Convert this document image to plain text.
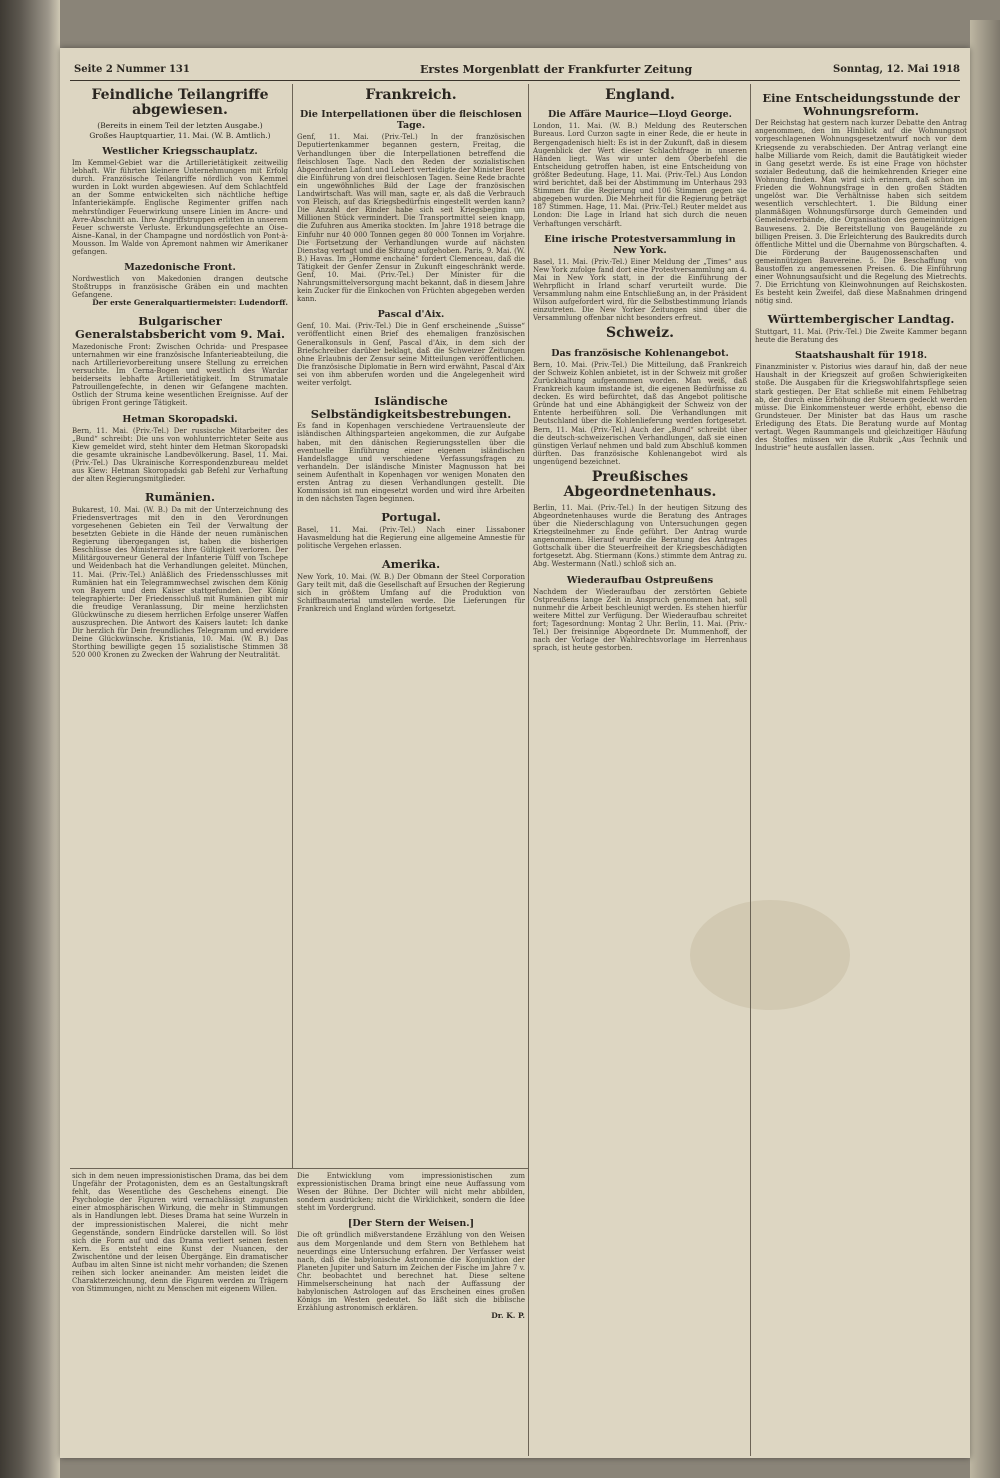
Seite 2 Nummer 131	Erstes Morgenblatt der Frankfurter Zeitung	Sonntag, 12. Mai 1918
Feindliche Teilangriffe abgewiesen.

(Bereits in einem Teil der letzten Ausgabe.)

Großes Hauptquartier, 11. Mai. (W. B. Amtlich.)

Westlicher Kriegsschauplatz.
Im Kemmel-Gebiet war die Artillerietätigkeit zeitweilig lebhaft. Wir führten kleinere Unternehmungen mit Erfolg durch. Französische Teilangriffe nördlich von Kemmel wurden in Lokt wurden abgewiesen. Auf dem Schlachtfeld an der Somme entwickelten sich nächtliche heftige Infanteriekämpfe. Englische Regimenter griffen nach mehrstündiger Feuerwirkung unsere Linien im Ancre- und Avre-Abschnitt an. Ihre Angriffstruppen erlitten in unserem Feuer schwerste Verluste. Erkundungsgefechte an Oise–Aisne–Kanal, in der Champagne und nordöstlich von Pont-à-Mousson. Im Walde von Apremont nahmen wir Amerikaner gefangen.
Mazedonische Front.
Nordwestlich von Makedonien drangen deutsche Stoßtrupps in französische Gräben ein und machten Gefangene.

Der erste Generalquartiermeister: Ludendorff.

Bulgarischer Generalstabsbericht vom 9. Mai.
Mazedonische Front: Zwischen Ochrida- und Prespasee unternahmen wir eine französische Infanterieabteilung, die nach Artillerievorbereitung unsere Stellung zu erreichen versuchte. Im Cerna-Bogen und westlich des Wardar beiderseits lebhafte Artillerietätigkeit. Im Strumatale Patrouillengefechte, in denen wir Gefangene machten. Ostlich der Struma keine wesentlichen Ereignisse. Auf der übrigen Front geringe Tätigkeit.
Hetman Skoropadski.
Bern, 11. Mai. (Priv.-Tel.) Der russische Mitarbeiter des „Bund“ schreibt: Die uns von wohlunterrichteter Seite aus Kiew gemeldet wird, steht hinter dem Hetman Skoropadski die gesamte ukrainische Landbevölkerung. Basel, 11. Mai. (Priv.-Tel.) Das Ukrainische Korrespondenzbureau meldet aus Kiew: Hetman Skoropadski gab Befehl zur Verhaftung der alten Regierungsmitglieder.
Rumänien.
Bukarest, 10. Mai. (W. B.) Da mit der Unterzeichnung des Friedensvertrages mit den in den Verordnungen vorgesehenen Gebieten ein Teil der Verwaltung der besetzten Gebiete in die Hände der neuen rumänischen Regierung übergegangen ist, haben die bisherigen Beschlüsse des Ministerrates ihre Gültigkeit verloren. Der Militärgouverneur General der Infanterie Tülff von Tschepe und Weidenbach hat die Verhandlungen geleitet. München, 11. Mai. (Priv.-Tel.) Anläßlich des Friedensschlusses mit Rumänien hat ein Telegrammwechsel zwischen dem König von Bayern und dem Kaiser stattgefunden. Der König telegraphierte: Der Friedensschluß mit Rumänien gibt mir die freudige Veranlassung, Dir meine herzlichsten Glückwünsche zu diesem herrlichen Erfolge unserer Waffen auszusprechen. Die Antwort des Kaisers lautet: Ich danke Dir herzlich für Dein freundliches Telegramm und erwidere Deine Glückwünsche. Kristiania, 10. Mai. (W. B.) Das Storthing bewilligte gegen 15 sozialistische Stimmen 38 520 000 Kronen zu Zwecken der Wahrung der Neutralität.
Frankreich.
Die Interpellationen über die fleischlosen Tage.
Genf, 11. Mai. (Priv.-Tel.) In der französischen Deputiertenkammer begannen gestern, Freitag, die Verhandlungen über die Interpellationen betreffend die fleischlosen Tage. Nach den Reden der sozialistischen Abgeordneten Lafont und Lebert verteidigte der Minister Boret die Einführung von drei fleischlosen Tagen. Seine Rede brachte ein ungewöhnliches Bild der Lage der französischen Landwirtschaft. Was will man, sagte er, als daß die Verbrauch von Fleisch, auf das Kriegsbedürfnis eingestellt werden kann? Die Anzahl der Rinder habe sich seit Kriegsbeginn um Millionen Stück vermindert. Die Transportmittel seien knapp, die Zufuhren aus Amerika stockten. Im Jahre 1918 betrage die Einfuhr nur 40 000 Tonnen gegen 80 000 Tonnen im Vorjahre. Die Fortsetzung der Verhandlungen wurde auf nächsten Dienstag vertagt und die Sitzung aufgehoben. Paris, 9. Mai. (W. B.) Havas. Im „Homme enchaîné“ fordert Clemenceau, daß die Tätigkeit der Genfer Zensur in Zukunft eingeschränkt werde. Genf, 10. Mai. (Priv.-Tel.) Der Minister für die Nahrungsmittelversorgung macht bekannt, daß in diesem Jahre kein Zucker für die Einkochen von Früchten abgegeben werden kann.
Pascal d'Aix.
Genf, 10. Mai. (Priv.-Tel.) Die in Genf erscheinende „Suisse“ veröffentlicht einen Brief des ehemaligen französischen Generalkonsuls in Genf, Pascal d'Aix, in dem sich der Briefschreiber darüber beklagt, daß die Schweizer Zeitungen ohne Erlaubnis der Zensur seine Mitteilungen veröffentlichen. Die französische Diplomatie in Bern wird erwähnt, Pascal d'Aix sei von ihm abberufen worden und die Angelegenheit wird weiter verfolgt.
Isländische Selbständigkeitsbestrebungen.
Es fand in Kopenhagen verschiedene Vertrauensleute der isländischen Althingsparteien angekommen, die zur Aufgabe haben, mit den dänischen Regierungsstellen über die eventuelle Einführung einer eigenen isländischen Handelsflagge und verschiedene Verfassungsfragen zu verhandeln. Der isländische Minister Magnusson hat bei seinem Aufenthalt in Kopenhagen vor wenigen Monaten den ersten Antrag zu diesen Verhandlungen gestellt. Die Kommission ist nun eingesetzt worden und wird ihre Arbeiten in den nächsten Tagen beginnen.
Portugal.
Basel, 11. Mai. (Priv.-Tel.) Nach einer Lissaboner Havasmeldung hat die Regierung eine allgemeine Amnestie für politische Vergehen erlassen.
Amerika.
New York, 10. Mai. (W. B.) Der Obmann der Steel Corporation Gary teilt mit, daß die Gesellschaft auf Ersuchen der Regierung sich in größtem Umfang auf die Produktion von Schiffbaumaterial umstellen werde. Die Lieferungen für Frankreich und England würden fortgesetzt.
England.
Die Affäre Maurice—Lloyd George.
London, 11. Mai. (W. B.) Meldung des Reuterschen Bureaus. Lord Curzon sagte in einer Rede, die er heute in Bergengadenisch hielt: Es ist in der Zukunft, daß in diesem Augenblick der Wert dieser Schlachtfrage in unseren Händen liegt. Was wir unter dem Oberbefehl die Entscheidung getroffen haben, ist eine Entscheidung von größter Bedeutung. Hage, 11. Mai. (Priv.-Tel.) Aus London wird berichtet, daß bei der Abstimmung im Unterhaus 293 Stimmen für die Regierung und 106 Stimmen gegen sie abgegeben wurden. Die Mehrheit für die Regierung beträgt 187 Stimmen. Hage, 11. Mai. (Priv.-Tel.) Reuter meldet aus London: Die Lage in Irland hat sich durch die neuen Verhaftungen verschärft.
Eine irische Protestversammlung in New York.
Basel, 11. Mai. (Priv.-Tel.) Einer Meldung der „Times“ aus New York zufolge fand dort eine Protestversammlung am 4. Mai in New York statt, in der die Einführung der Wehrpflicht in Irland scharf verurteilt wurde. Die Versammlung nahm eine Entschließung an, in der Präsident Wilson aufgefordert wird, für die Selbstbestimmung Irlands einzutreten. Die New Yorker Zeitungen sind über die Versammlung offenbar nicht besonders erfreut.
Schweiz.
Das französische Kohlenangebot.
Bern, 10. Mai. (Priv.-Tel.) Die Mitteilung, daß Frankreich der Schweiz Kohlen anbietet, ist in der Schweiz mit großer Zurückhaltung aufgenommen worden. Man weiß, daß Frankreich kaum imstande ist, die eigenen Bedürfnisse zu decken. Es wird befürchtet, daß das Angebot politische Gründe hat und eine Abhängigkeit der Schweiz von der Entente herbeiführen soll. Die Verhandlungen mit Deutschland über die Kohlenlieferung werden fortgesetzt. Bern, 11. Mai. (Priv.-Tel.) Auch der „Bund“ schreibt über die deutsch-schweizerischen Verhandlungen, daß sie einen günstigen Verlauf nehmen und bald zum Abschluß kommen dürften. Das französische Kohlenangebot wird als ungenügend bezeichnet.
Preußisches Abgeordnetenhaus.
Berlin, 11. Mai. (Priv.-Tel.) In der heutigen Sitzung des Abgeordnetenhauses wurde die Beratung des Antrages über die Niederschlagung von Untersuchungen gegen Kriegsteilnehmer zu Ende geführt. Der Antrag wurde angenommen. Hierauf wurde die Beratung des Antrages Gottschalk über die Steuerfreiheit der Kriegsbeschädigten fortgesetzt. Abg. Stiermann (Kons.) stimmte dem Antrag zu. Abg. Westermann (Natl.) schloß sich an.
Wiederaufbau Ostpreußens
Nachdem der Wiederaufbau der zerstörten Gebiete Ostpreußens lange Zeit in Anspruch genommen hat, soll nunmehr die Arbeit beschleunigt werden. Es stehen hierfür weitere Mittel zur Verfügung. Der Wiederaufbau schreitet fort; Tagesordnung: Montag 2 Uhr. Berlin, 11. Mai. (Priv.-Tel.) Der freisinnige Abgeordnete Dr. Mummenhoff, der nach der Vorlage der Wahlrechtsvorlage im Herrenhaus sprach, ist heute gestorben.
Eine Entscheidungsstunde der Wohnungsreform.
Der Reichstag hat gestern nach kurzer Debatte den Antrag angenommen, den im Hinblick auf die Wohnungsnot vorgeschlagenen Wohnungsgesetzentwurf noch vor dem Kriegsende zu verabschieden. Der Antrag verlangt eine halbe Milliarde vom Reich, damit die Bautätigkeit wieder in Gang gesetzt werde. Es ist eine Frage von höchster sozialer Bedeutung, daß die heimkehrenden Krieger eine Wohnung finden. Man wird sich erinnern, daß schon im Frieden die Wohnungsfrage in den großen Städten ungelöst war. Die Verhältnisse haben sich seitdem wesentlich verschlechtert. 1. Die Bildung einer planmäßigen Wohnungsfürsorge durch Gemeinden und Gemeindeverbände, die Organisation des gemeinnützigen Bauwesens. 2. Die Bereitstellung von Baugelände zu billigen Preisen. 3. Die Erleichterung des Baukredits durch öffentliche Mittel und die Übernahme von Bürgschaften. 4. Die Förderung der Baugenossenschaften und gemeinnützigen Bauvereine. 5. Die Beschaffung von Baustoffen zu angemessenen Preisen. 6. Die Einführung einer Wohnungsaufsicht und die Regelung des Mietrechts. 7. Die Errichtung von Kleinwohnungen auf Reichskosten. Es besteht kein Zweifel, daß diese Maßnahmen dringend nötig sind.
Württembergischer Landtag.
Stuttgart, 11. Mai. (Priv.-Tel.) Die Zweite Kammer begann heute die Beratung des
Staatshaushalt für 1918.
Finanzminister v. Pistorius wies darauf hin, daß der neue Haushalt in der Kriegszeit auf großen Schwierigkeiten stoße. Die Ausgaben für die Kriegswohlfahrtspflege seien stark gestiegen. Der Etat schließe mit einem Fehlbetrag ab, der durch eine Erhöhung der Steuern gedeckt werden müsse. Die Einkommensteuer werde erhöht, ebenso die Grundsteuer. Der Minister bat das Haus um rasche Erledigung des Etats. Die Beratung wurde auf Montag vertagt. Wegen Raummangels und gleichzeitiger Häufung des Stoffes müssen wir die Rubrik „Aus Technik und Industrie“ heute ausfallen lassen.
sich in dem neuen impressionistischen Drama, das bei dem Ungefähr der Protagonisten, dem es an Gestaltungskraft fehlt, das Wesentliche des Geschehens einengt. Die Psychologie der Figuren wird vernachlässigt zugunsten einer atmosphärischen Wirkung, die mehr in Stimmungen als in Handlungen lebt. Dieses Drama hat seine Wurzeln in der impressionistischen Malerei, die nicht mehr Gegenstände, sondern Eindrücke darstellen will. So löst sich die Form auf und das Drama verliert seinen festen Kern. Es entsteht eine Kunst der Nuancen, der Zwischentöne und der leisen Übergänge. Ein dramatischer Aufbau im alten Sinne ist nicht mehr vorhanden; die Szenen reihen sich locker aneinander. Am meisten leidet die Charakterzeichnung, denn die Figuren werden zu Trägern von Stimmungen, nicht zu Menschen mit eigenem Willen.
Die Entwicklung vom impressionistischen zum expressionistischen Drama bringt eine neue Auffassung vom Wesen der Bühne. Der Dichter will nicht mehr abbilden, sondern ausdrücken; nicht die Wirklichkeit, sondern die Idee steht im Vordergrund.
[Der Stern der Weisen.]
Die oft gründlich mißverstandene Erzählung von den Weisen aus dem Morgenlande und dem Stern von Bethlehem hat neuerdings eine Untersuchung erfahren. Der Verfasser weist nach, daß die babylonische Astronomie die Konjunktion der Planeten Jupiter und Saturn im Zeichen der Fische im Jahre 7 v. Chr. beobachtet und berechnet hat. Diese seltene Himmelserscheinung hat nach der Auffassung der babylonischen Astrologen auf das Erscheinen eines großen Königs im Westen gedeutet. So läßt sich die biblische Erzählung astronomisch erklären.

Dr. K. P.
